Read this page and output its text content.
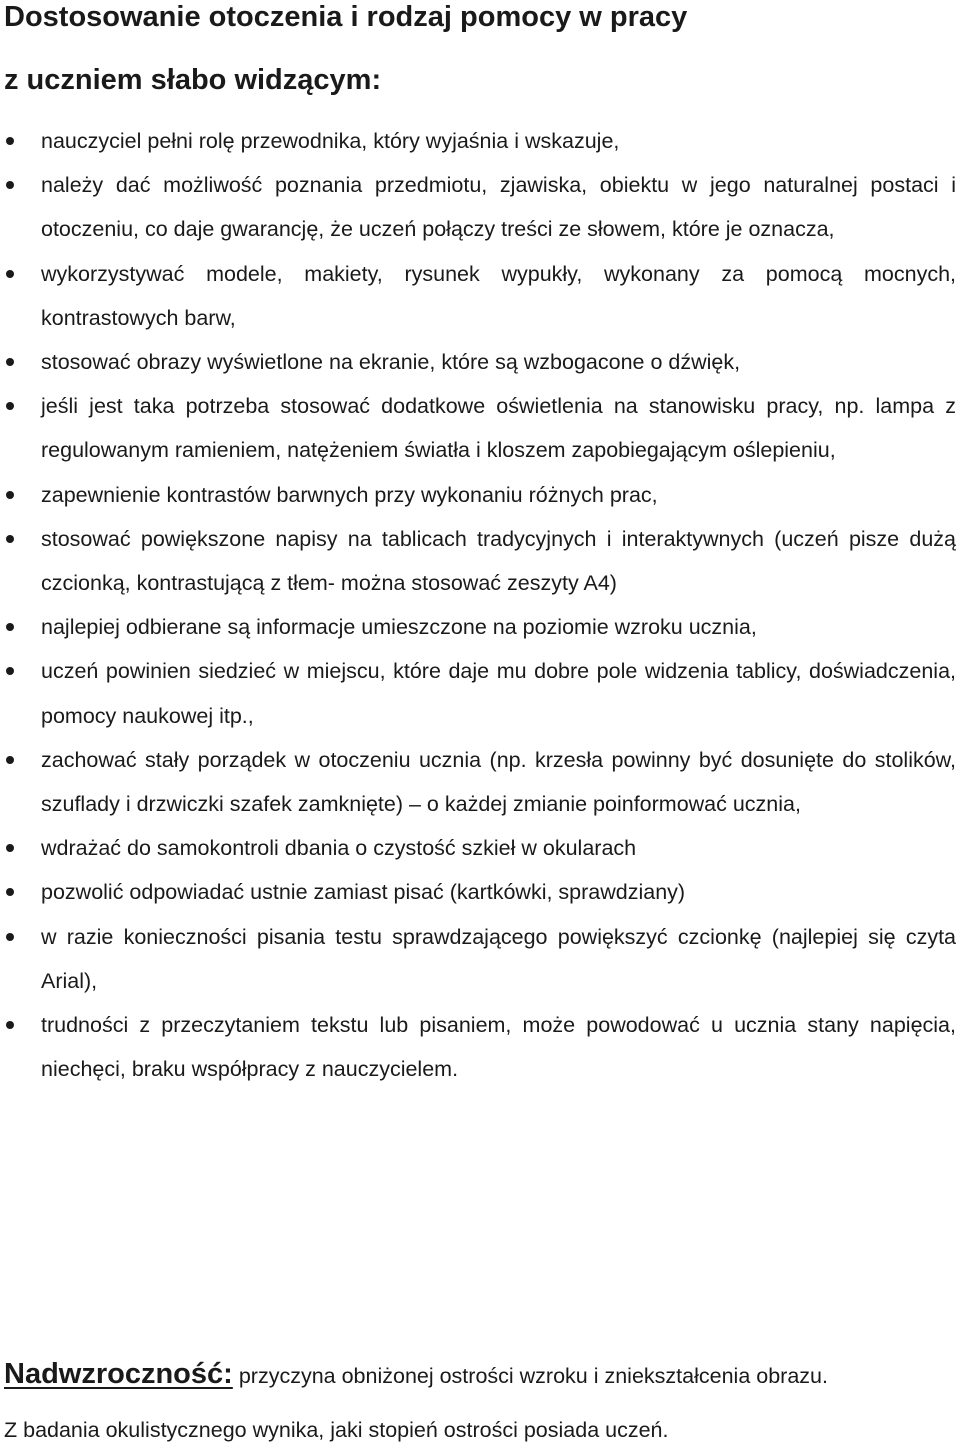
Dostosowanie otoczenia i rodzaj pomocy w pracy
z uczniem słabo widzącym:
nauczyciel pełni rolę przewodnika, który wyjaśnia i wskazuje,
należy dać możliwość poznania przedmiotu, zjawiska, obiektu w jego naturalnej postaci i otoczeniu, co daje gwarancję, że uczeń połączy treści ze słowem, które je oznacza,
wykorzystywać modele, makiety, rysunek wypukły, wykonany za pomocą mocnych, kontrastowych barw,
stosować obrazy wyświetlone na ekranie, które są wzbogacone o dźwięk,
jeśli jest taka potrzeba stosować dodatkowe oświetlenia na stanowisku pracy, np. lampa z regulowanym ramieniem, natężeniem światła i kloszem zapobiegającym oślepieniu,
zapewnienie kontrastów barwnych przy wykonaniu różnych prac,
stosować powiększone napisy na tablicach tradycyjnych i interaktywnych (uczeń pisze dużą czcionką, kontrastującą z tłem- można stosować zeszyty A4)
najlepiej odbierane są informacje umieszczone na poziomie wzroku ucznia,
uczeń powinien siedzieć w miejscu, które daje mu dobre pole widzenia tablicy, doświadczenia, pomocy naukowej itp.,
zachować stały porządek w otoczeniu ucznia (np. krzesła powinny być dosunięte do stolików, szuflady i drzwiczki szafek zamknięte) – o każdej zmianie poinformować ucznia,
wdrażać do samokontroli dbania o czystość szkieł w okularach
pozwolić odpowiadać ustnie zamiast pisać (kartkówki, sprawdziany)
w razie konieczności pisania testu sprawdzającego powiększyć czcionkę (najlepiej się czyta Arial),
trudności z przeczytaniem tekstu lub pisaniem, może powodować u ucznia stany napięcia, niechęci, braku współpracy z nauczycielem.
Nadwzroczność: przyczyna obniżonej ostrości wzroku i zniekształcenia obrazu.
Z badania okulistycznego wynika, jaki stopień ostrości posiada uczeń.
